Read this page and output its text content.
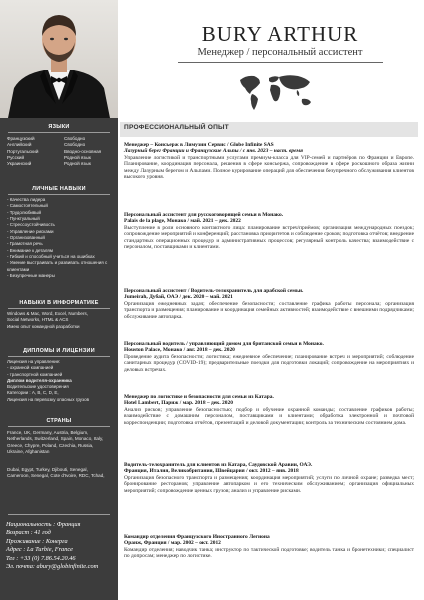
BURY ARTHUR
Менеджер / персональный ассистент
ЯЗЫКИ
Французский	Свободно
Английский	Свободно
Португальский	Вводно-основная
Русский	Родной язык
Украинский	Родной язык
ЛИЧНЫЕ НАВЫКИ
- Качества лидера
- Самостоятельный
- Трудолюбивый
- Пунктуальный
- Стрессоустойчивость
- Управление рисками
- Организованный
- Грамотная речь
- Внимание к деталям
- Гибкий и способный учиться на ошибках
- Умение выстраивать и развивать отношения с клиентами
- Безупречные манеры
НАВЫКИ В ИНФОРМАТИКЕ
Windows & Mac, Word, Excel, Numbers,
Social Networks, HTML & ACS
Имею опыт командной разработки
ДИПЛОМЫ И ЛИЦЕНЗИИ
Лицензия на управление:
- охранной компанией
- транспортной компанией
Диплом водителя-охранника
Водительские удостоверения
Категории : A, B, C, D, E,
Лицензия на перевозку опасных грузов
СТРАНЫ
France, UK, Germany, Austria, Belgium, Netherlands, Switzerland, Spain, Monaco, Italy, Greece, Chypre, Poland, Czechia, Russia, Ukraine, Afghanistan
Dubai, Egypt, Turkey, Djibouti, Senegal, Cameroon, Senegal, Cote d'Ivoire, RDC, Tchad,
Национальность : Франция
Возраст : 41 год
Проживание : Конерга
Адрес : La Turbie, France
Тел : +33 (0) 7.86.54.20.46
Эл. почта: abury@globinfinite.com
ПРОФЕССИОНАЛЬНЫЙ ОПЫТ
Менеджер – Консьерж в Лимузин Сервис / Globe Infinite SAS
Лазурный берег Франции и Французские Альпы / с янв. 2023 – наст. время
Управление логистикой и транспортными услугами премиум-класса для VIP-семей и партнёров по Франции и Европе. Планирование, координация персонала, решения в сфере консьержа, сопровождение в сфере роскошного образа жизни между Лазурным берегом и Альпами. Полное курирование операций для обеспечения безупречного обслуживания клиентов высокого уровня.
Персональный ассистент для русскоговорящей семьи в Монако.
Palais de la plage, Монако / май. 2021 – дек. 2022
Выступление в роли основного контактного лица: планирование встреч/приёмов; организация международных поездок; сопровождение мероприятий и конференций; расстановка приоритетов и соблюдение сроков; подготовка отчётов; внедрение стандартных операционных процедур и административных процессов; регулярный контроль качества; взаимодействие с персоналом, поставщиками и клиентами.
Персональный ассистент / Водитель-телохранитель для арабской семьи.
Jumeirah, Дубай, ОАЭ / дек. 2020 – май. 2021
Организация ежедневных задач; обеспечение безопасности; составление графика работы персонала; организация транспорта и размещения; планирование и координация семейных активностей; взаимодействие с внешними подрядчиками; обслуживание автопарка.
Персональный водитель / управляющий домом для британской семьи в Монако.
Houston Palace, Монако / авг. 2018 – дек. 2020
Проведение аудита безопасности; логистика; ежедневное обеспечение; планирование встреч и мероприятий; соблюдение санитарных процедур (COVID-19); предварительные поездки для подготовки локаций; сопровождение на мероприятиях и деловых встречах.
Менеджер по логистике и безопасности для семьи из Катара.
Hotel Lambert, Париж / мар. 2018 – дек. 2020
Анализ рисков; управление безопасностью; подбор и обучение охранной команды; составление графиков работы; взаимодействие с домашним персоналом, поставщиками и клиентами; обработка электронной и почтовой корреспонденции; подготовка отчётов, презентаций и деловой документации; контроль за техническим состоянием дома.
Водитель-телохранитель для клиентов из Катара, Саудовской Аравии, ОАЭ.
Франция, Италия, Великобритания, Швейцария / окт. 2012 – янв. 2018
Организация безопасного транспорта и размещения; координация мероприятий; услуги по личной охране; разведка мест; бронирование ресторанов; управление автопарком и его техническим обслуживанием; организация официальных мероприятий; сопровождение ценных грузов; анализ и управление рисками.
Командир отделения Французского Иностранного Легиона
Оранж, Франция / мар. 2002 – окт. 2012
Командир отделения; наводчик танка; инструктор по тактической подготовке; водитель танка и бронетехники; специалист по допросам; менеджер по логистике.
